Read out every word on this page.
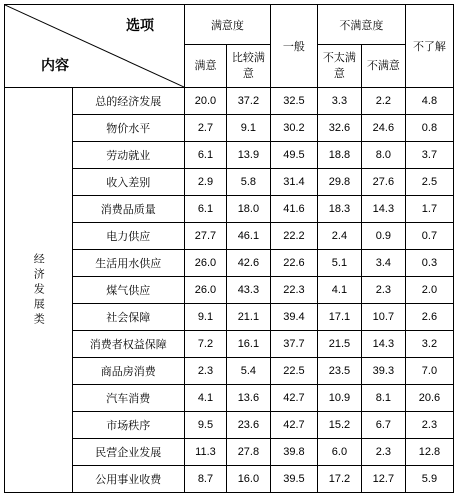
选项
内容		满意度		一般	不满意度		不了解
		满意	比较满意		不太满意	不满意	
经济发展类	总的经济发展	20.0	37.2	32.5	3.3	2.2	4.8
	物价水平	2.7	9.1	30.2	32.6	24.6	0.8
	劳动就业	6.1	13.9	49.5	18.8	8.0	3.7
	收入差别	2.9	5.8	31.4	29.8	27.6	2.5
	消费品质量	6.1	18.0	41.6	18.3	14.3	1.7
	电力供应	27.7	46.1	22.2	2.4	0.9	0.7
	生活用水供应	26.0	42.6	22.6	5.1	3.4	0.3
	煤气供应	26.0	43.3	22.3	4.1	2.3	2.0
	社会保障	9.1	21.1	39.4	17.1	10.7	2.6
	消费者权益保障	7.2	16.1	37.7	21.5	14.3	3.2
	商品房消费	2.3	5.4	22.5	23.5	39.3	7.0
	汽车消费	4.1	13.6	42.7	10.9	8.1	20.6
	市场秩序	9.5	23.6	42.7	15.2	6.7	2.3
	民营企业发展	11.3	27.8	39.8	6.0	2.3	12.8
	公用事业收费	8.7	16.0	39.5	17.2	12.7	5.9
